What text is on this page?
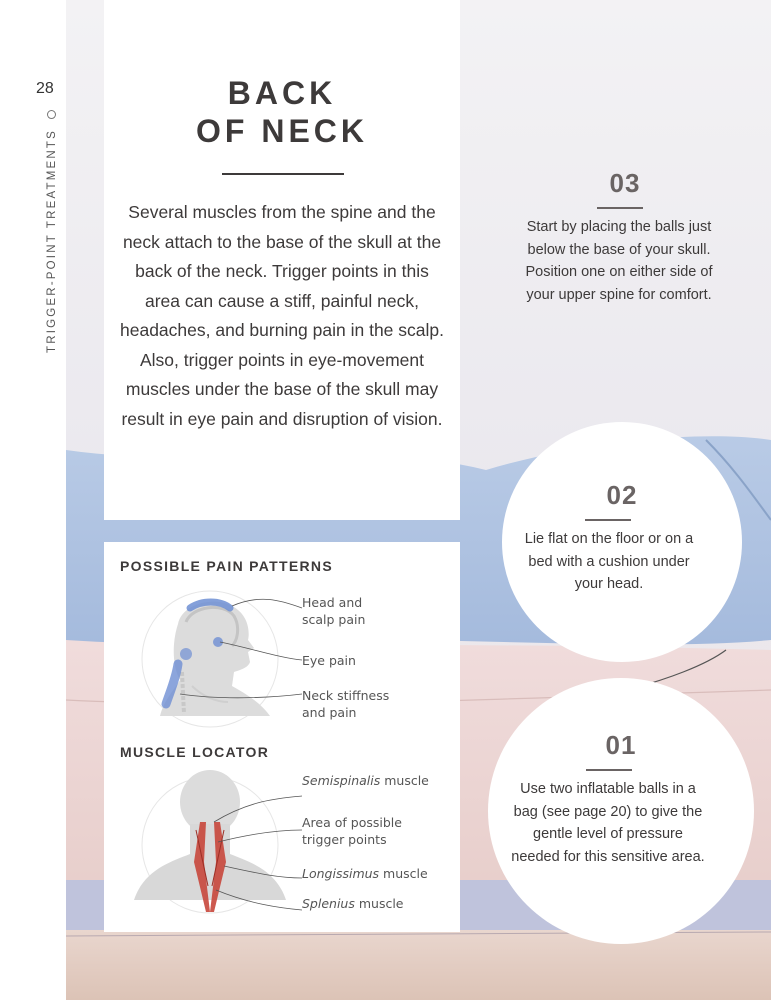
28
TRIGGER-POINT TREATMENTS
BACK
OF NECK

Several muscles from the spine and the neck attach to the base of the skull at the back of the neck. Trigger points in this area can cause a stiff, painful neck, headaches, and burning pain in the scalp. Also, trigger points in eye-movement muscles under the base of the skull may result in eye pain and disruption of vision.

POSSIBLE PAIN PATTERNS
Head and
scalp pain
Eye pain
Neck stiffness
and pain
MUSCLE LOCATOR
Semispinalis muscle
Area of possible
trigger points
Longissimus muscle
Splenius muscle
03

Start by placing the balls just below the base of your skull. Position one on either side of your upper spine for comfort.

02

Lie flat on the floor or on a bed with a cushion under your head.

01

Use two inflatable balls in a bag (see page 20) to give the gentle level of pressure needed for this sensitive area.
